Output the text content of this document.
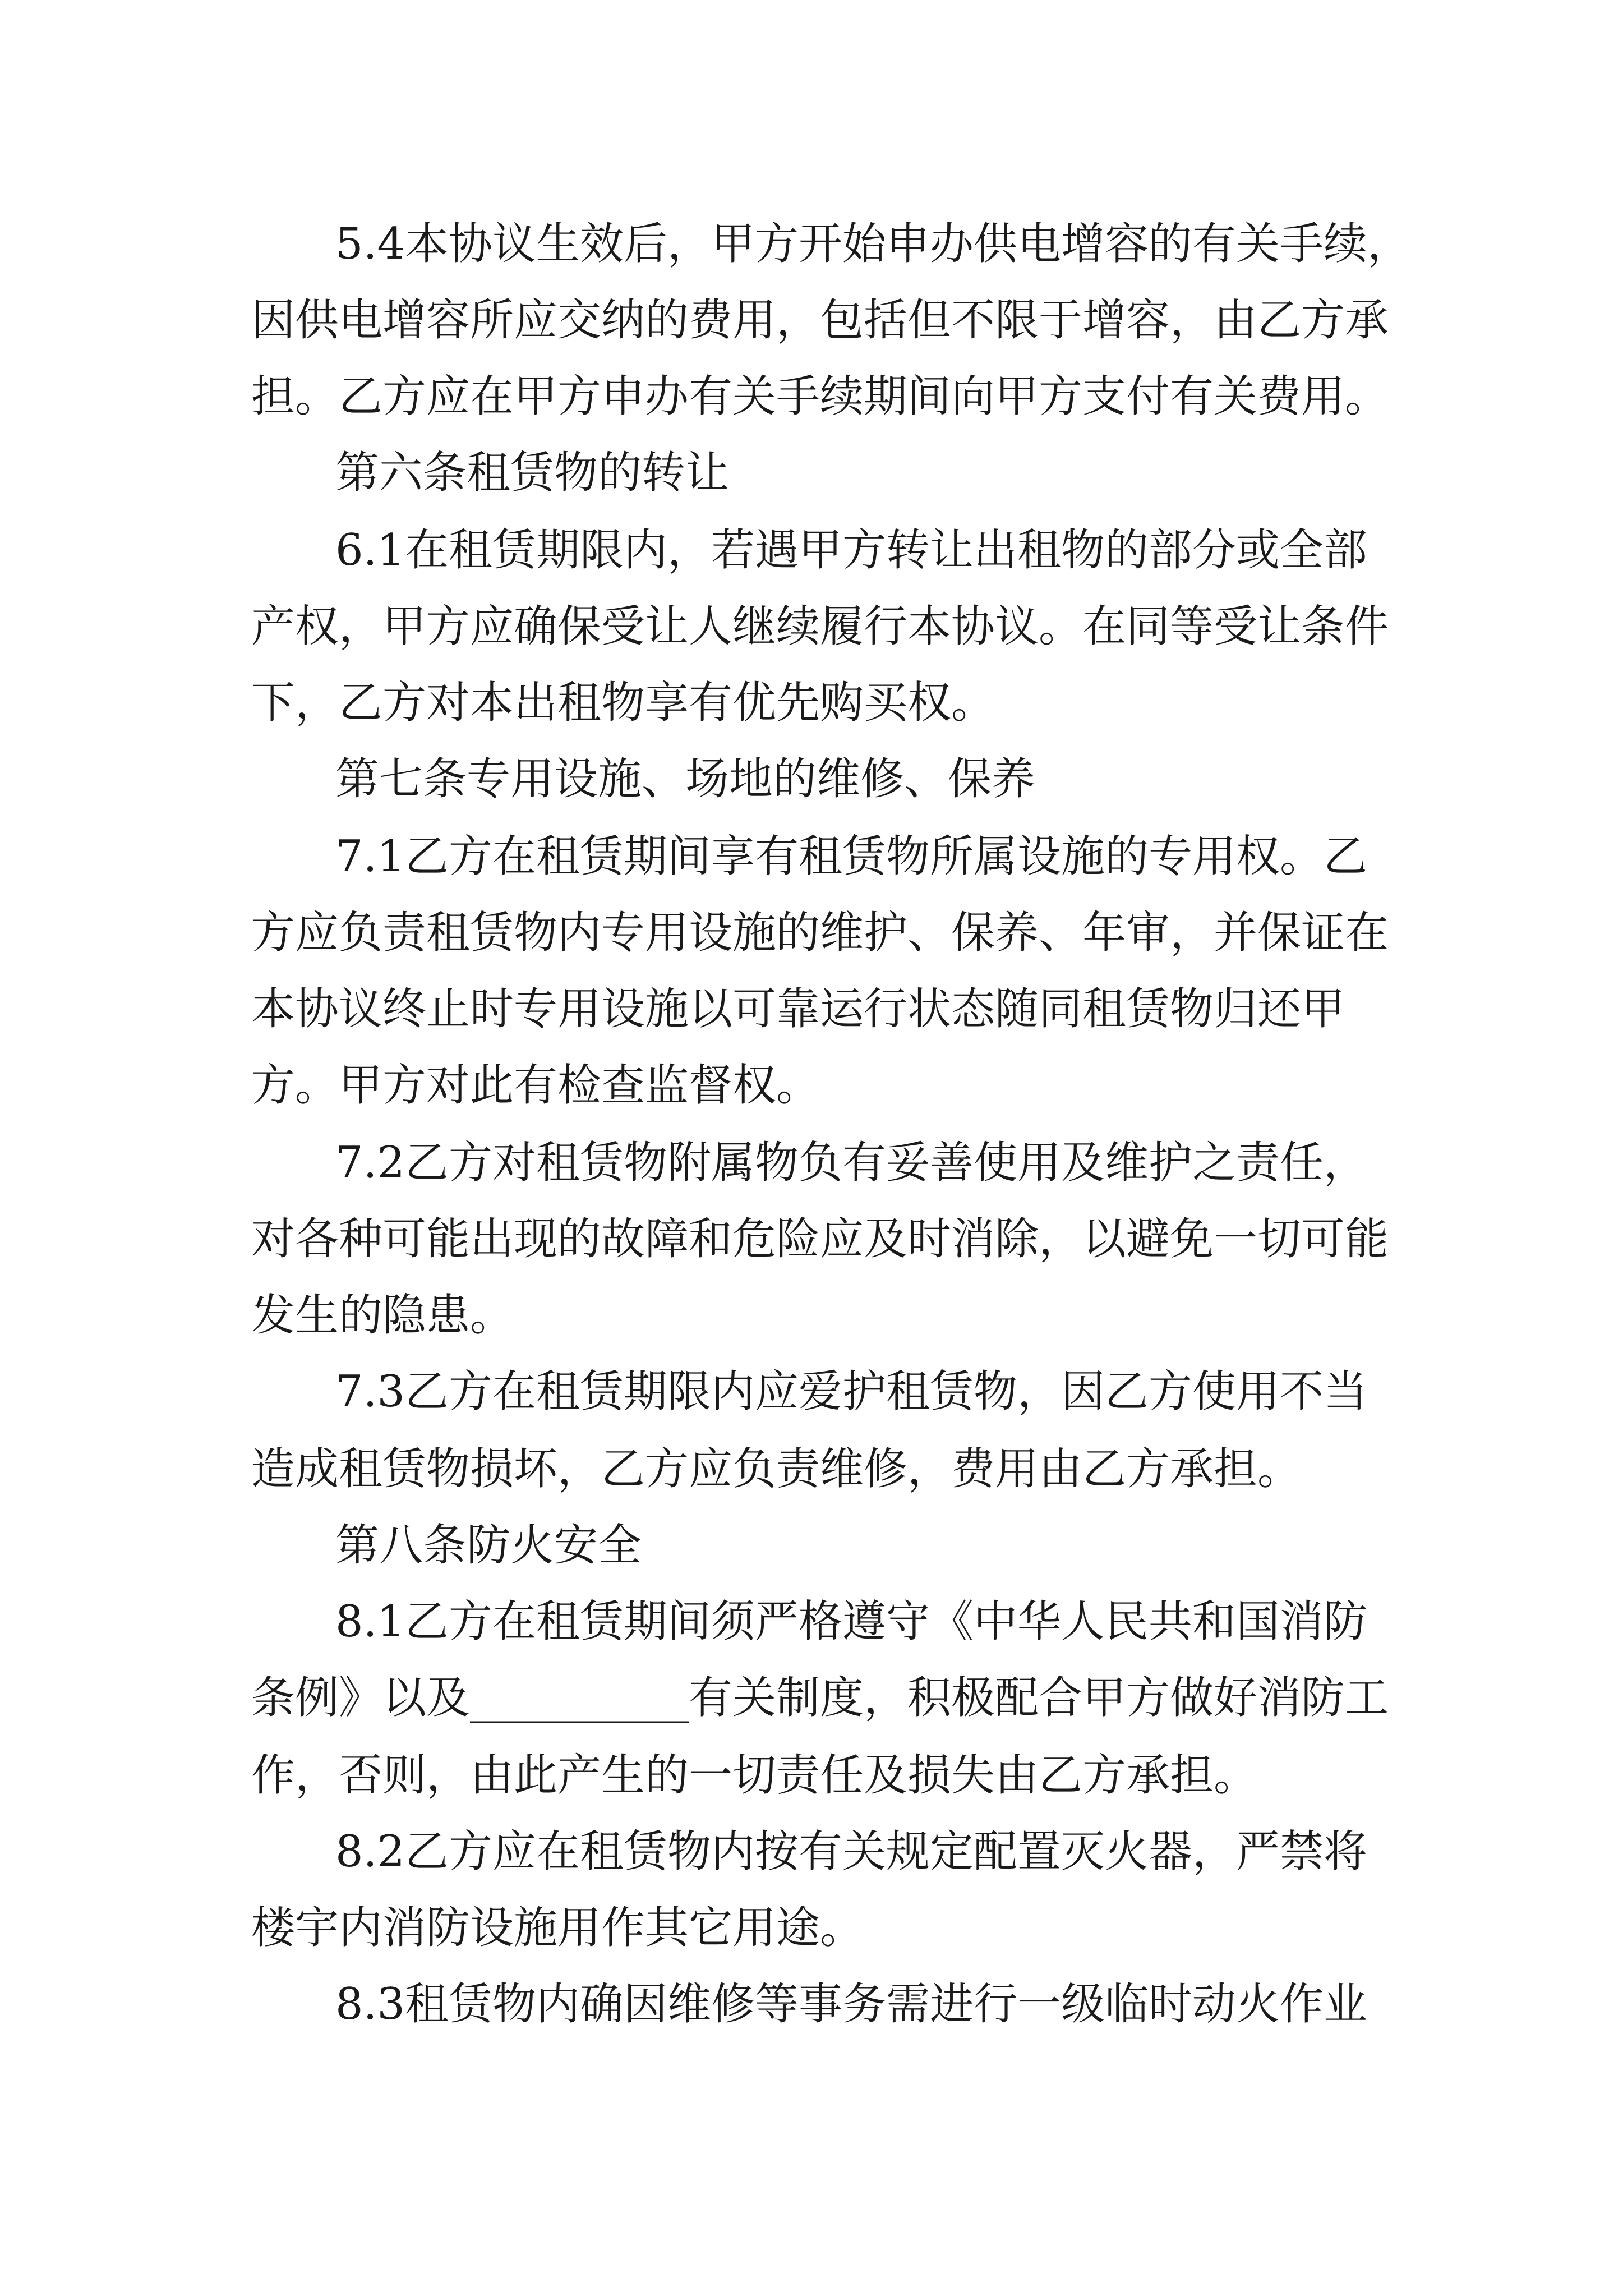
5.4本协议生效后，甲方开始申办供电增容的有关手续，
因供电增容所应交纳的费用，包括但不限于增容，由乙方承
担。乙方应在甲方申办有关手续期间向甲方支付有关费用。
第六条租赁物的转让
6.1在租赁期限内，若遇甲方转让出租物的部分或全部
产权，甲方应确保受让人继续履行本协议。在同等受让条件
下，乙方对本出租物享有优先购买权。
第七条专用设施、场地的维修、保养
7.1乙方在租赁期间享有租赁物所属设施的专用权。乙
方应负责租赁物内专用设施的维护、保养、年审，并保证在
本协议终止时专用设施以可靠运行状态随同租赁物归还甲
方。甲方对此有检查监督权。
7.2乙方对租赁物附属物负有妥善使用及维护之责任，
对各种可能出现的故障和危险应及时消除，以避免一切可能
发生的隐患。
7.3乙方在租赁期限内应爱护租赁物，因乙方使用不当
造成租赁物损坏，乙方应负责维修，费用由乙方承担。
第八条防火安全
8.1乙方在租赁期间须严格遵守《中华人民共和国消防
条例》以及__________有关制度，积极配合甲方做好消防工
作，否则，由此产生的一切责任及损失由乙方承担。
8.2乙方应在租赁物内按有关规定配置灭火器，严禁将
楼宇内消防设施用作其它用途。
8.3租赁物内确因维修等事务需进行一级临时动火作业
